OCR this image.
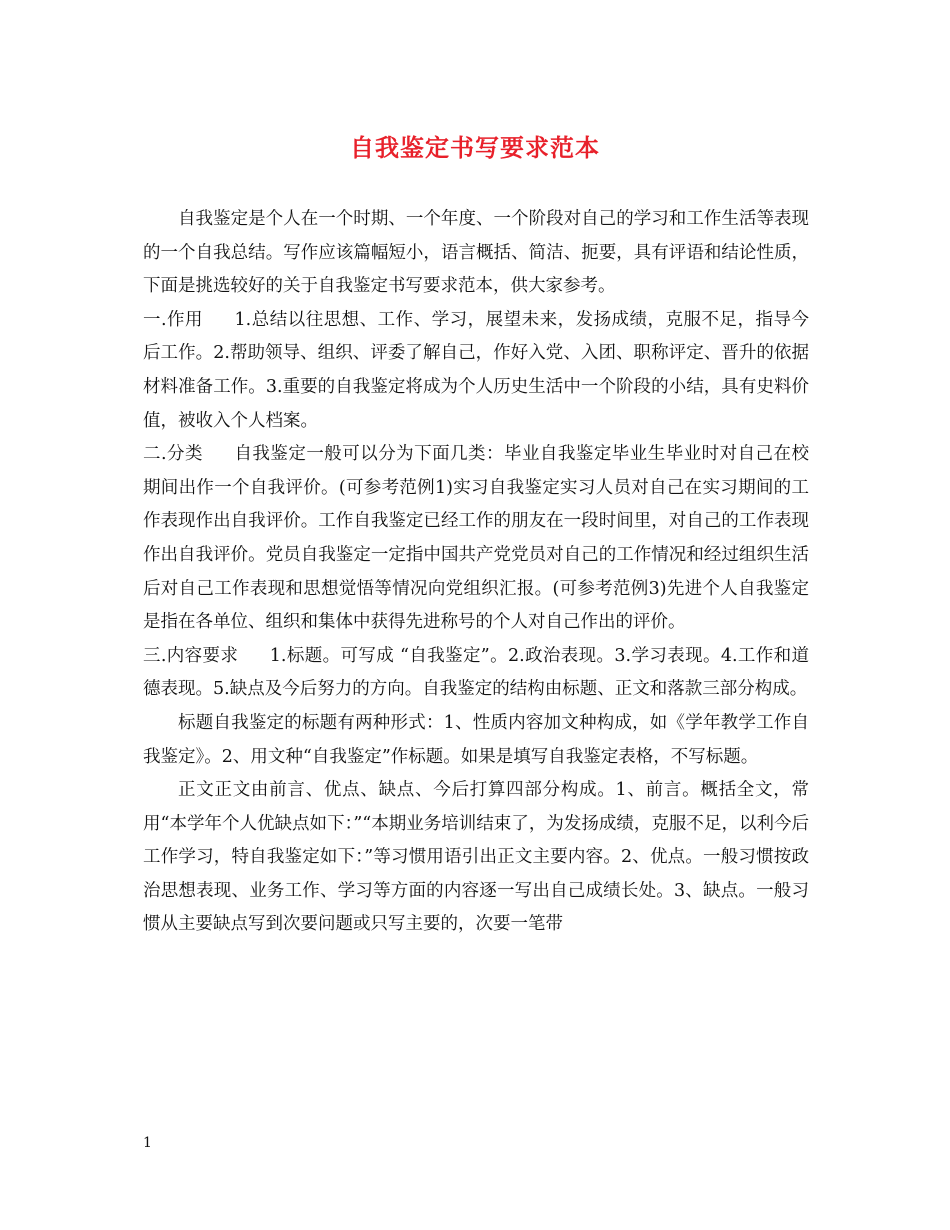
自我鉴定书写要求范本

自我鉴定是个人在一个时期、一个年度、一个阶段对自己的学习和工作生活等表现的一个自我总结。写作应该篇幅短小，语言概括、简洁、扼要，具有评语和结论性质，下面是挑选较好的关于自我鉴定书写要求范本，供大家参考。

一.作用 1.总结以往思想、工作、学习，展望未来，发扬成绩，克服不足，指导今后工作。2.帮助领导、组织、评委了解自己，作好入党、入团、职称评定、晋升的依据材料准备工作。3.重要的自我鉴定将成为个人历史生活中一个阶段的小结，具有史料价值，被收入个人档案。

二.分类 自我鉴定一般可以分为下面几类：毕业自我鉴定毕业生毕业时对自己在校期间出作一个自我评价。(可参考范例1)实习自我鉴定实习人员对自己在实习期间的工作表现作出自我评价。工作自我鉴定已经工作的朋友在一段时间里，对自己的工作表现作出自我评价。党员自我鉴定一定指中国共产党党员对自己的工作情况和经过组织生活后对自己工作表现和思想觉悟等情况向党组织汇报。(可参考范例3)先进个人自我鉴定是指在各单位、组织和集体中获得先进称号的个人对自己作出的评价。

三.内容要求 1.标题。可写成 “自我鉴定”。2.政治表现。3.学习表现。4.工作和道德表现。5.缺点及今后努力的方向。自我鉴定的结构由标题、正文和落款三部分构成。

标题自我鉴定的标题有两种形式：1、性质内容加文种构成，如《学年教学工作自我鉴定》。2、用文种“自我鉴定”作标题。如果是填写自我鉴定表格，不写标题。

正文正文由前言、优点、缺点、今后打算四部分构成。1、前言。概括全文，常用“本学年个人优缺点如下：”“本期业务培训结束了，为发扬成绩，克服不足，以利今后工作学习，特自我鉴定如下：”等习惯用语引出正文主要内容。2、优点。一般习惯按政治思想表现、业务工作、学习等方面的内容逐一写出自己成绩长处。3、缺点。一般习惯从主要缺点写到次要问题或只写主要的，次要一笔带

1
